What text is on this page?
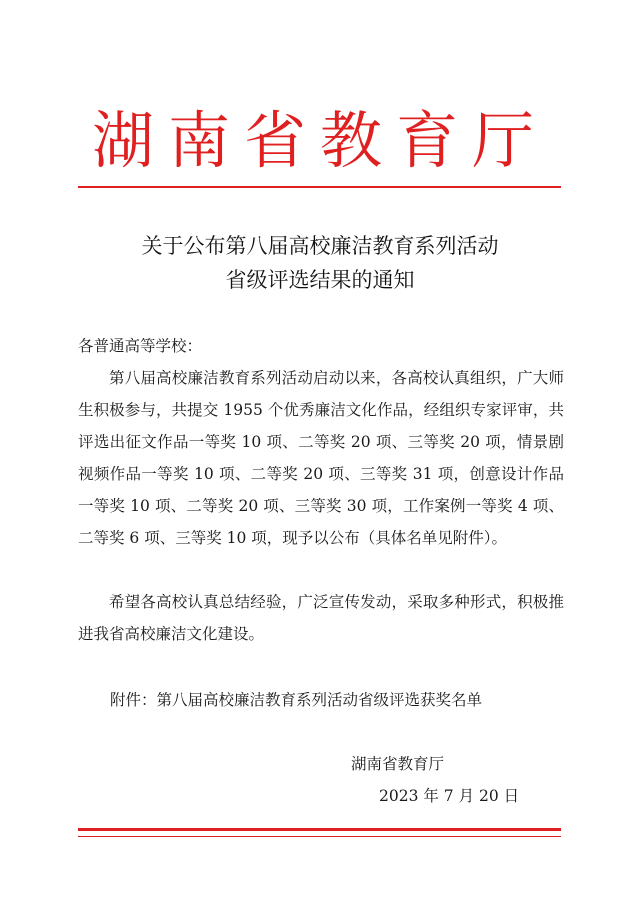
湖南省教育厅
关于公布第八届高校廉洁教育系列活动
省级评选结果的通知
各普通高等学校：
第八届高校廉洁教育系列活动启动以来，各高校认真组织，广大师生积极参与，共提交 1955 个优秀廉洁文化作品，经组织专家评审，共评选出征文作品一等奖 10 项、二等奖 20 项、三等奖 20 项，情景剧视频作品一等奖 10 项、二等奖 20 项、三等奖 31 项，创意设计作品一等奖 10 项、二等奖 20 项、三等奖 30 项，工作案例一等奖 4 项、二等奖 6 项、三等奖 10 项，现予以公布（具体名单见附件）。
希望各高校认真总结经验，广泛宣传发动，采取多种形式，积极推进我省高校廉洁文化建设。
附件：第八届高校廉洁教育系列活动省级评选获奖名单
湖南省教育厅
2023 年 7 月 20 日
